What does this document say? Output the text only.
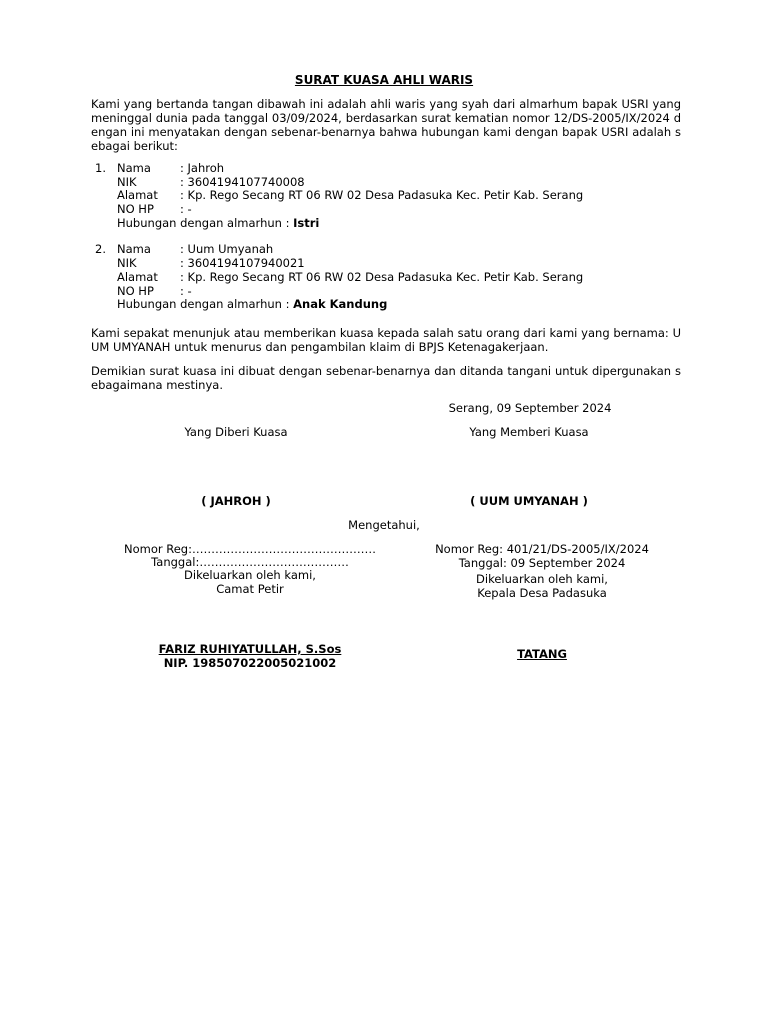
SURAT KUASA AHLI WARIS
Kami yang bertanda tangan dibawah ini adalah ahli waris yang syah dari almarhum bapak USRI yang meninggal dunia pada tanggal 03/09/2024, berdasarkan surat kematian nomor 12/DS-2005/IX/2024 dengan ini menyatakan dengan sebenar-benarnya bahwa hubungan kami dengan bapak USRI adalah sebagai berikut:
1. Nama	: Jahroh
NIK	: 3604194107740008
Alamat : Kp. Rego Secang RT 06 RW 02 Desa Padasuka Kec. Petir Kab. Serang
NO HP : -
Hubungan dengan almarhun : Istri
2. Nama	: Uum Umyanah
NIK	: 3604194107940021
Alamat : Kp. Rego Secang RT 06 RW 02 Desa Padasuka Kec. Petir Kab. Serang
NO HP : -
Hubungan dengan almarhun : Anak Kandung
Kami sepakat menunjuk atau memberikan kuasa kepada salah satu orang dari kami yang bernama: UUM UMYANAH untuk menurus dan pengambilan klaim di BPJS Ketenagakerjaan.
Demikian surat kuasa ini dibuat dengan sebenar-benarnya dan ditanda tangani untuk dipergunakan sebagaimana mestinya.
Serang, 09 September 2024
Yang Diberi Kuasa	Yang Memberi Kuasa
( JAHROH )	( UUM UMYANAH )
Mengetahui,
Nomor Reg:…………………………………………
Tanggal:…………………………………
Dikeluarkan oleh kami,
Camat Petir
FARIZ RUHIYATULLAH, S.Sos
NIP. 198507022005021002
Nomor Reg: 401/21/DS-2005/IX/2024
Tanggal: 09 September 2024
Dikeluarkan oleh kami,
Kepala Desa Padasuka
TATANG
